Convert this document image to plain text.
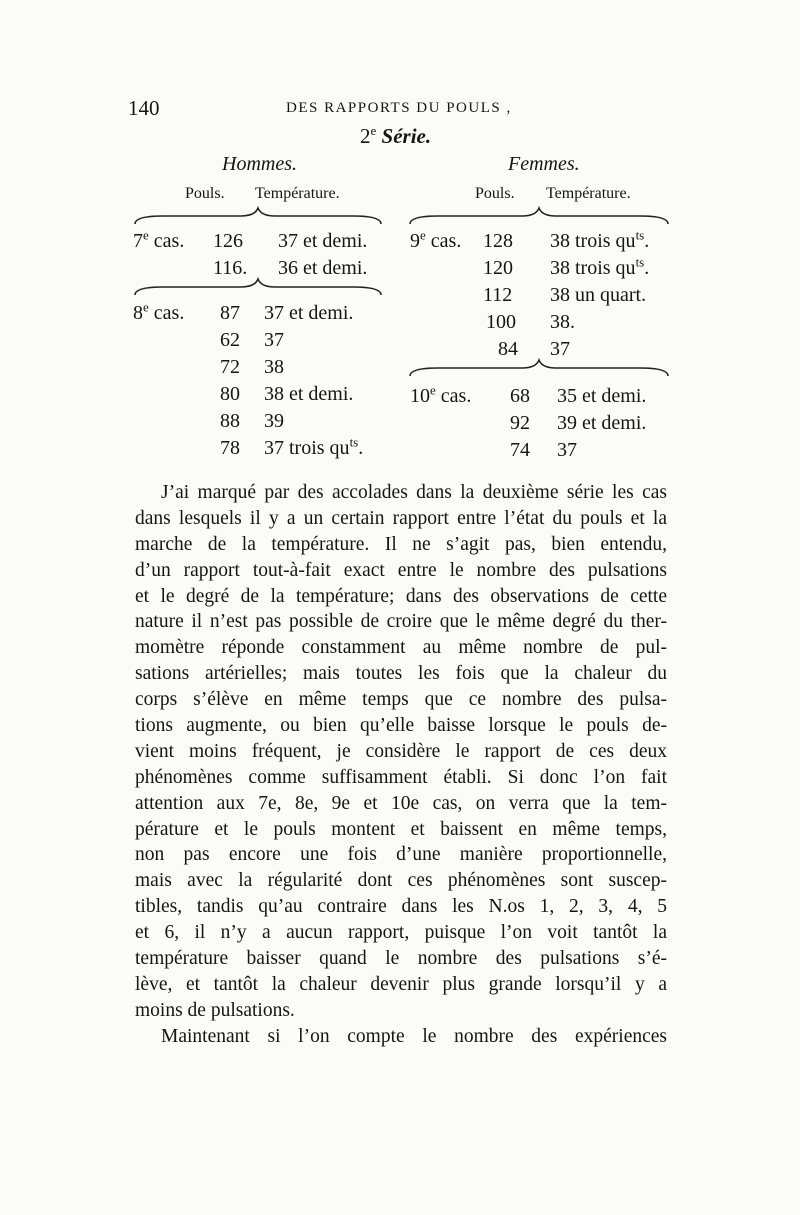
140	DES RAPPORTS DU POULS ,
2e Série.
Hommes.
Pouls. Température.
Femmes.
Pouls. Température.
7e cas. 126 37 et demi.
116. 36 et demi.
8e cas. 87 37 et demi.
62 37
72 38
80 38 et demi.
88 39
78 37 trois $qu^{ts}$.
9e cas. 128 38 trois $qu^{ts}$.
120 38 trois $qu^{ts}$.
112 38 un quart.
100 38.
84 37
10e cas. 68 35 et demi.
92 39 et demi.
74 37
J’ai marqué par des accolades dans la deuxième série les cas
dans lesquels il y a un certain rapport entre l’état du pouls et la
marche de la température. Il ne s’agit pas, bien entendu,
d’un rapport tout-à-fait exact entre le nombre des pulsations
et le degré de la température; dans des observations de cette
nature il n’est pas possible de croire que le même degré du ther-
momètre réponde constamment au même nombre de pul-
sations artérielles; mais toutes les fois que la chaleur du
corps s’élève en même temps que ce nombre des pulsa-
tions augmente, ou bien qu’elle baisse lorsque le pouls de-
vient moins fréquent, je considère le rapport de ces deux
phénomènes comme suffisamment établi. Si donc l’on fait
attention aux 7e, 8e, 9e et 10e cas, on verra que la tem-
pérature et le pouls montent et baissent en même temps,
non pas encore une fois d’une manière proportionnelle,
mais avec la régularité dont ces phénomènes sont suscep-
tibles, tandis qu’au contraire dans les N.os 1, 2, 3, 4, 5
et 6, il n’y a aucun rapport, puisque l’on voit tantôt la
température baisser quand le nombre des pulsations s’é-
lève, et tantôt la chaleur devenir plus grande lorsqu’il y a
moins de pulsations.
Maintenant si l’on compte le nombre des expériences
